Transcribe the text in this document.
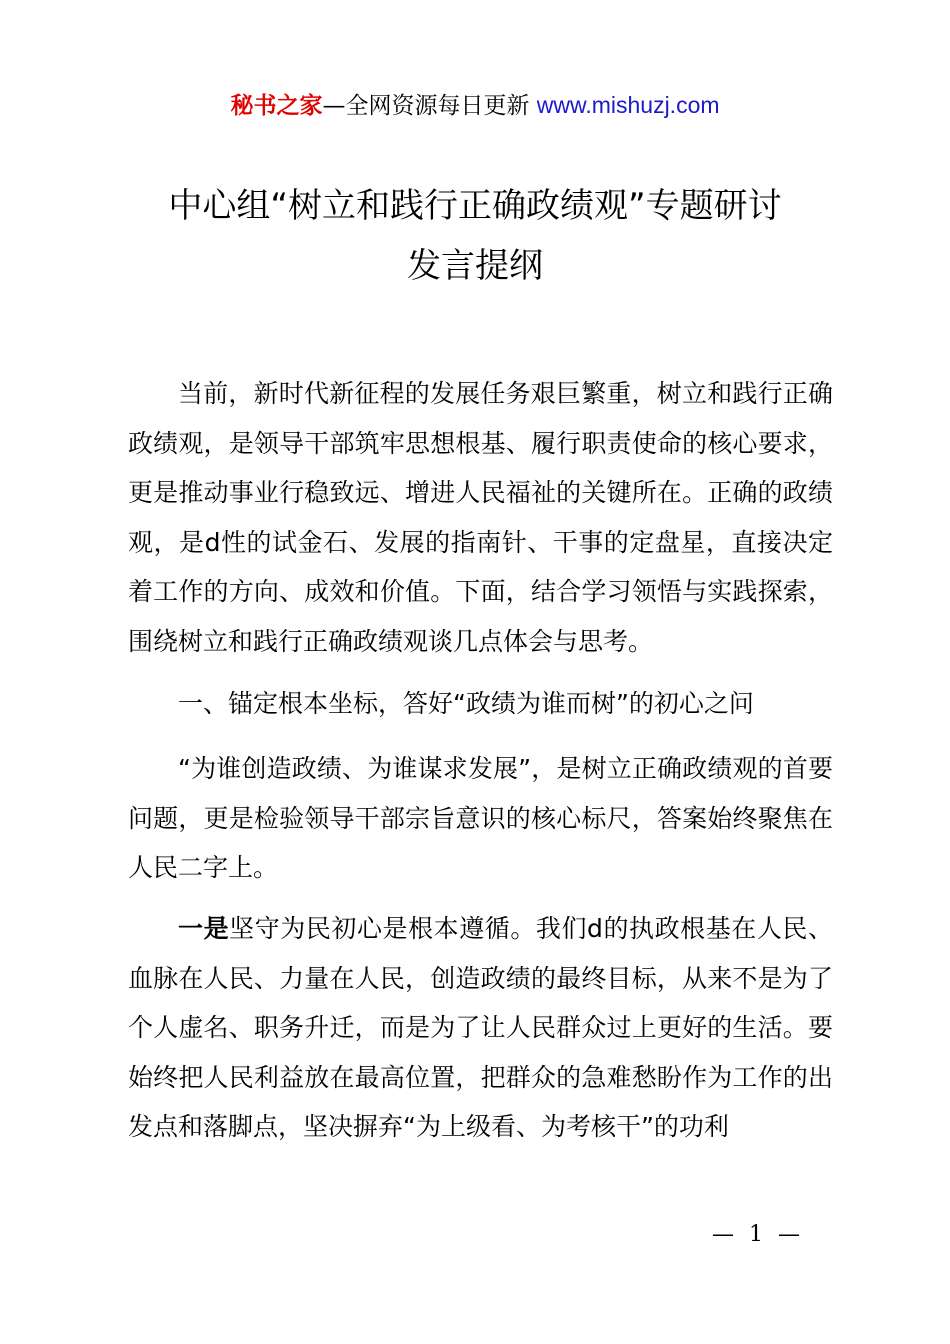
秘书之家—全网资源每日更新 www.mishuzj.com
中心组“树立和践行正确政绩观”专题研讨
发言提纲

当前，新时代新征程的发展任务艰巨繁重，树立和践行正确政绩观，是领导干部筑牢思想根基、履行职责使命的核心要求，更是推动事业行稳致远、增进人民福祉的关键所在。正确的政绩观，是d性的试金石、发展的指南针、干事的定盘星，直接决定着工作的方向、成效和价值。下面，结合学习领悟与实践探索，围绕树立和践行正确政绩观谈几点体会与思考。

一、锚定根本坐标，答好“政绩为谁而树”的初心之问

“为谁创造政绩、为谁谋求发展”，是树立正确政绩观的首要问题，更是检验领导干部宗旨意识的核心标尺，答案始终聚焦在人民二字上。

一是坚守为民初心是根本遵循。我们d的执政根基在人民、血脉在人民、力量在人民，创造政绩的最终目标，从来不是为了个人虚名、职务升迁，而是为了让人民群众过上更好的生活。要始终把人民利益放在最高位置，把群众的急难愁盼作为工作的出发点和落脚点，坚决摒弃“为上级看、为考核干”的功利

— 1 —
